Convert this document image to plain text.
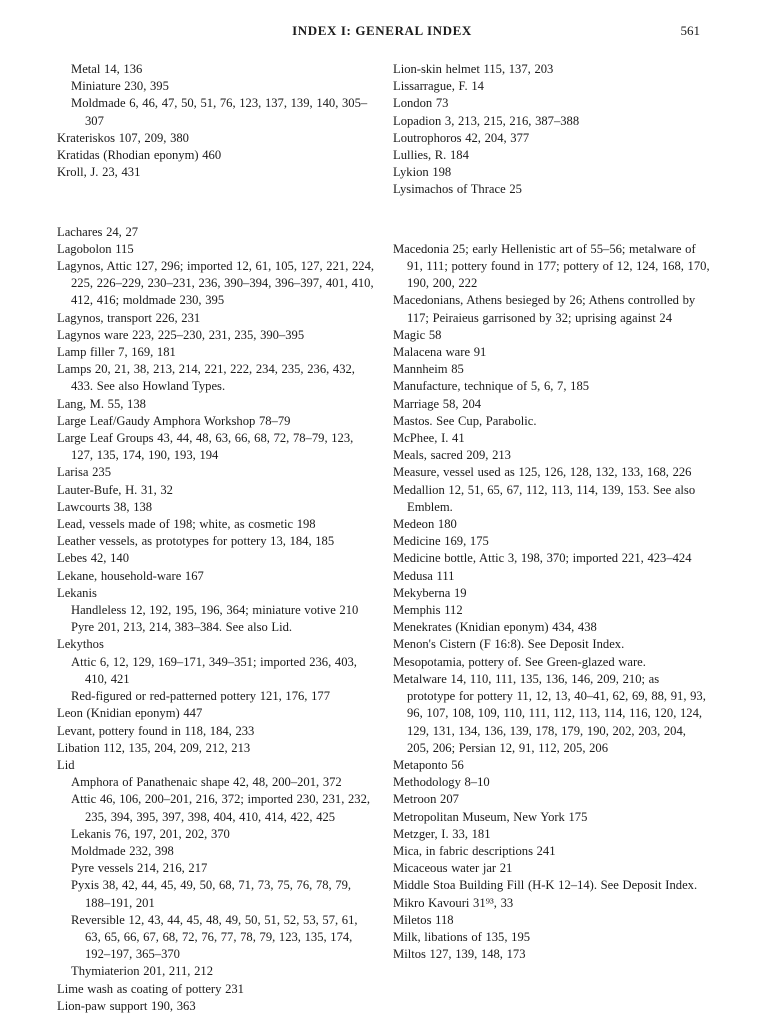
INDEX I: GENERAL INDEX	561

Metal 14, 136

Miniature 230, 395

Moldmade 6, 46, 47, 50, 51, 76, 123, 137, 139, 140, 305–307

Krateriskos 107, 209, 380

Kratidas (Rhodian eponym) 460

Kroll, J. 23, 431

Lachares 24, 27

Lagobolon 115

Lagynos, Attic 127, 296; imported 12, 61, 105, 127, 221, 224, 225, 226–229, 230–231, 236, 390–394, 396–397, 401, 410, 412, 416; moldmade 230, 395

Lagynos, transport 226, 231

Lagynos ware 223, 225–230, 231, 235, 390–395

Lamp filler 7, 169, 181

Lamps 20, 21, 38, 213, 214, 221, 222, 234, 235, 236, 432, 433. See also Howland Types.

Lang, M. 55, 138

Large Leaf/Gaudy Amphora Workshop 78–79

Large Leaf Groups 43, 44, 48, 63, 66, 68, 72, 78–79, 123, 127, 135, 174, 190, 193, 194

Larisa 235

Lauter-Bufe, H. 31, 32

Lawcourts 38, 138

Lead, vessels made of 198; white, as cosmetic 198

Leather vessels, as prototypes for pottery 13, 184, 185

Lebes 42, 140

Lekane, household-ware 167

Lekanis

Handleless 12, 192, 195, 196, 364; miniature votive 210

Pyre 201, 213, 214, 383–384. See also Lid.

Lekythos

Attic 6, 12, 129, 169–171, 349–351; imported 236, 403, 410, 421

Red-figured or red-patterned pottery 121, 176, 177

Leon (Knidian eponym) 447

Levant, pottery found in 118, 184, 233

Libation 112, 135, 204, 209, 212, 213

Lid

Amphora of Panathenaic shape 42, 48, 200–201, 372

Attic 46, 106, 200–201, 216, 372; imported 230, 231, 232, 235, 394, 395, 397, 398, 404, 410, 414, 422, 425

Lekanis 76, 197, 201, 202, 370

Moldmade 232, 398

Pyre vessels 214, 216, 217

Pyxis 38, 42, 44, 45, 49, 50, 68, 71, 73, 75, 76, 78, 79, 188–191, 201

Reversible 12, 43, 44, 45, 48, 49, 50, 51, 52, 53, 57, 61, 63, 65, 66, 67, 68, 72, 76, 77, 78, 79, 123, 135, 174, 192–197, 365–370

Thymiaterion 201, 211, 212

Lime wash as coating of pottery 231

Lion-paw support 190, 363

Lion-skin helmet 115, 137, 203

Lissarrague, F. 14

London 73

Lopadion 3, 213, 215, 216, 387–388

Loutrophoros 42, 204, 377

Lullies, R. 184

Lykion 198

Lysimachos of Thrace 25

Macedonia 25; early Hellenistic art of 55–56; metalware of 91, 111; pottery found in 177; pottery of 12, 124, 168, 170, 190, 200, 222

Macedonians, Athens besieged by 26; Athens controlled by 117; Peiraieus garrisoned by 32; uprising against 24

Magic 58

Malacena ware 91

Mannheim 85

Manufacture, technique of 5, 6, 7, 185

Marriage 58, 204

Mastos. See Cup, Parabolic.

McPhee, I. 41

Meals, sacred 209, 213

Measure, vessel used as 125, 126, 128, 132, 133, 168, 226

Medallion 12, 51, 65, 67, 112, 113, 114, 139, 153. See also Emblem.

Medeon 180

Medicine 169, 175

Medicine bottle, Attic 3, 198, 370; imported 221, 423–424

Medusa 111

Mekyberna 19

Memphis 112

Menekrates (Knidian eponym) 434, 438

Menon's Cistern (F 16:8). See Deposit Index.

Mesopotamia, pottery of. See Green-glazed ware.

Metalware 14, 110, 111, 135, 136, 146, 209, 210; as prototype for pottery 11, 12, 13, 40–41, 62, 69, 88, 91, 93, 96, 107, 108, 109, 110, 111, 112, 113, 114, 116, 120, 124, 129, 131, 134, 136, 139, 178, 179, 190, 202, 203, 204, 205, 206; Persian 12, 91, 112, 205, 206

Metaponto 56

Methodology 8–10

Metroon 207

Metropolitan Museum, New York 175

Metzger, I. 33, 181

Mica, in fabric descriptions 241

Micaceous water jar 21

Middle Stoa Building Fill (H-K 12–14). See Deposit Index.

Mikro Kavouri 31⁹³, 33

Miletos 118

Milk, libations of 135, 195

Miltos 127, 139, 148, 173
